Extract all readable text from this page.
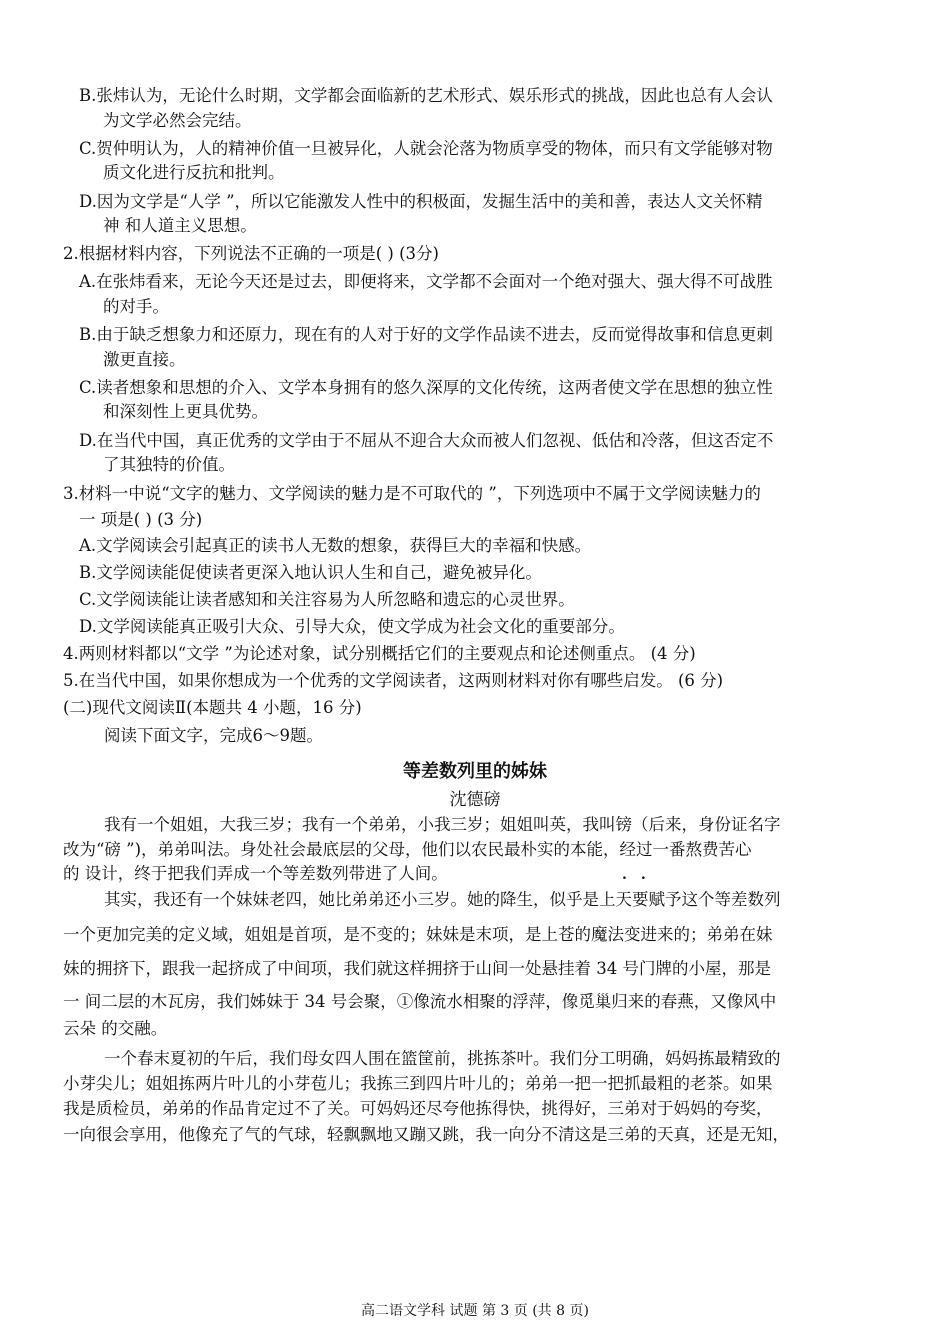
B.张炜认为，无论什么时期，文学都会面临新的艺术形式、娱乐形式的挑战，因此也总有人会认
为文学必然会完结。
C.贺仲明认为，人的精神价值一旦被异化，人就会沦落为物质享受的物体，而只有文学能够对物
质文化进行反抗和批判。
D.因为文学是“人学 ”，所以它能激发人性中的积极面，发掘生活中的美和善，表达人文关怀精
神 和人道主义思想。
2.根据材料内容，下列说法不正确的一项是( ) (3分)
A.在张炜看来，无论今天还是过去，即便将来，文学都不会面对一个绝对强大、强大得不可战胜
的对手。
B.由于缺乏想象力和还原力，现在有的人对于好的文学作品读不进去，反而觉得故事和信息更刺
激更直接。
C.读者想象和思想的介入、文学本身拥有的悠久深厚的文化传统，这两者使文学在思想的独立性
和深刻性上更具优势。
D.在当代中国，真正优秀的文学由于不屈从不迎合大众而被人们忽视、低估和冷落，但这否定不
了其独特的价值。
3.材料一中说“文字的魅力、文学阅读的魅力是不可取代的 ”，下列选项中不属于文学阅读魅力的
一 项是( ) (3 分)
A.文学阅读会引起真正的读书人无数的想象，获得巨大的幸福和快感。
B.文学阅读能促使读者更深入地认识人生和自己，避免被异化。
C.文学阅读能让读者感知和关注容易为人所忽略和遗忘的心灵世界。
D.文学阅读能真正吸引大众、引导大众，使文学成为社会文化的重要部分。
4.两则材料都以“文学 ”为论述对象，试分别概括它们的主要观点和论述侧重点。 (4 分)
5.在当代中国，如果你想成为一个优秀的文学阅读者，这两则材料对你有哪些启发。 (6 分)
(二)现代文阅读Ⅱ(本题共 4 小题，16 分)
阅读下面文字，完成6～9题。
等差数列里的姊妹
沈德磅
我有一个姐姐，大我三岁；我有一个弟弟，小我三岁；姐姐叫英，我叫镑（后来，身份证名字
改为“磅 ”)，弟弟叫法。身处社会最底层的父母，他们以农民最朴实的本能，经过一番熬费苦心
的 设计，终于把我们弄成一个等差数列带进了人间。	..
其实，我还有一个妹妹老四，她比弟弟还小三岁。她的降生，似乎是上天要赋予这个等差数列
一个更加完美的定义域，姐姐是首项，是不变的；妹妹是末项，是上苍的魔法变进来的；弟弟在妹
妹的拥挤下，跟我一起挤成了中间项，我们就这样拥挤于山间一处悬挂着 34 号门牌的小屋，那是
一 间二层的木瓦房，我们姊妹于 34 号会聚，①像流水相聚的浮萍，像觅巢归来的春燕，又像风中
云朵 的交融。
一个春末夏初的午后，我们母女四人围在篮筐前，挑拣茶叶。我们分工明确，妈妈拣最精致的
小芽尖儿；姐姐拣两片叶儿的小芽苞儿；我拣三到四片叶儿的；弟弟一把一把抓最粗的老茶。如果
我是质检员，弟弟的作品肯定过不了关。可妈妈还尽夸他拣得快，挑得好，三弟对于妈妈的夸奖，
一向很会享用，他像充了气的气球，轻飘飘地又蹦又跳，我一向分不清这是三弟的天真，还是无知，
高二语文学科 试题 第 3 页 (共 8 页)
